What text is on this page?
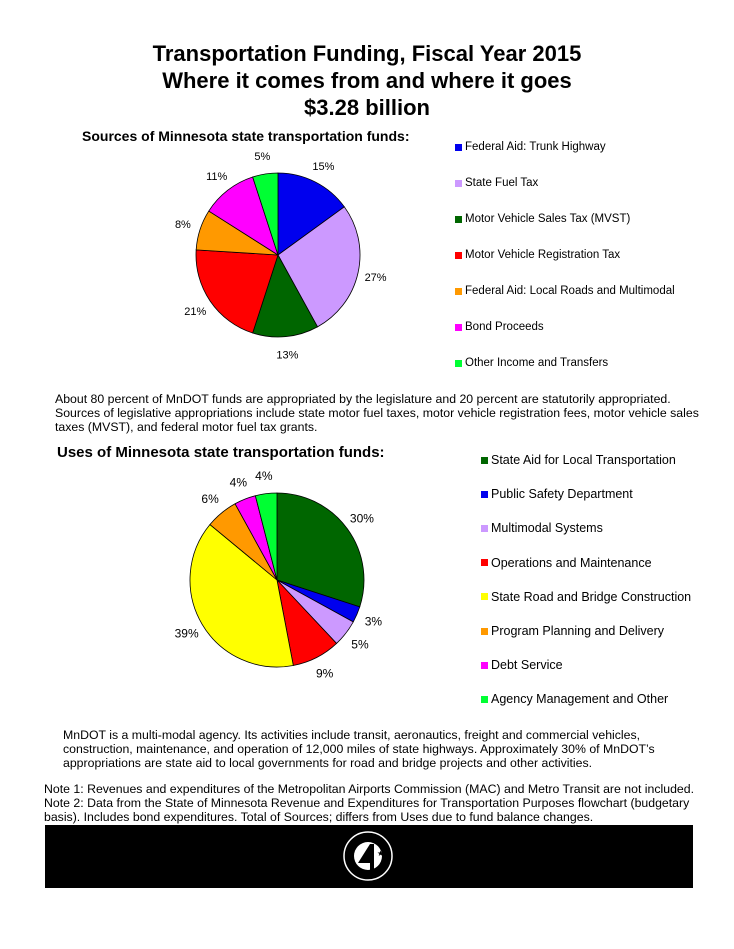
Transportation Funding, Fiscal Year 2015
Where it comes from and where it goes
$3.28 billion
Sources of Minnesota state transportation funds:
Uses of Minnesota state transportation funds:
15%
27%
13%
21%
8%
11%
5%
30%
3%
5%
9%
39%
6%
4% 4%
Federal Aid: Trunk Highway
State Fuel Tax
Motor Vehicle Sales Tax (MVST)
Motor Vehicle Registration Tax
Federal Aid: Local Roads and Multimodal
Bond Proceeds
Other Income and Transfers
State Aid for Local Transportation
Public Safety Department
Multimodal Systems
Operations and Maintenance
State Road and Bridge Construction
Program Planning and Delivery
Debt Service
Agency Management and Other
About 80 percent of MnDOT funds are appropriated by the legislature and 20 percent are statutorily appropriated.
Sources of legislative appropriations include state motor fuel taxes, motor vehicle registration fees, motor vehicle sales
taxes (MVST), and federal motor fuel tax grants.
MnDOT is a multi-modal agency. Its activities include transit, aeronautics, freight and commercial vehicles,
construction, maintenance, and operation of 12,000 miles of state highways. Approximately 30% of MnDOT’s
appropriations are state aid to local governments for road and bridge projects and other activities.
Note 1: Revenues and expenditures of the Metropolitan Airports Commission (MAC) and Metro Transit are not included.
Note 2: Data from the State of Minnesota Revenue and Expenditures for Transportation Purposes flowchart (budgetary
basis). Includes bond expenditures. Total of Sources; differs from Uses due to fund balance changes.
★
